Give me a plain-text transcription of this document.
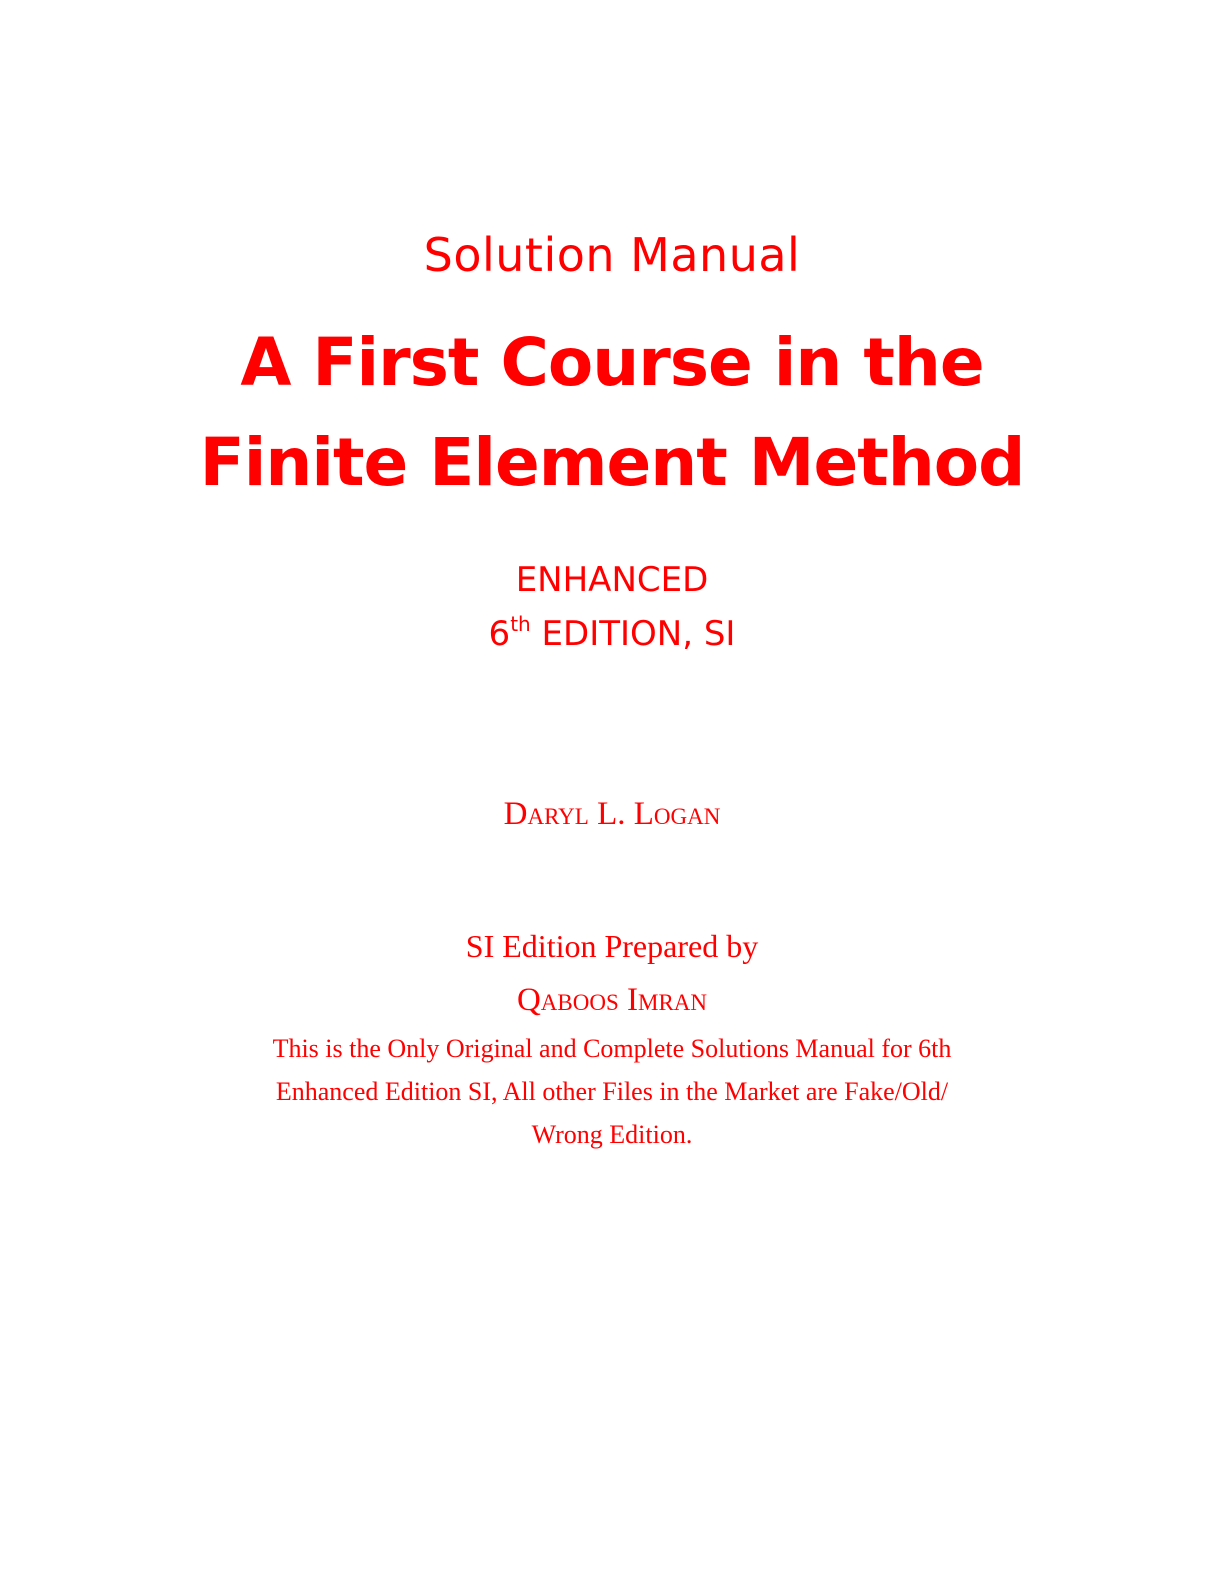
Solution Manual
A First Course in the
Finite Element Method
ENHANCED
6th EDITION, SI
Daryl L. Logan
SI Edition Prepared by
Qaboos Imran
This is the Only Original and Complete Solutions Manual for 6th
Enhanced Edition SI, All other Files in the Market are Fake/Old/
Wrong Edition.
